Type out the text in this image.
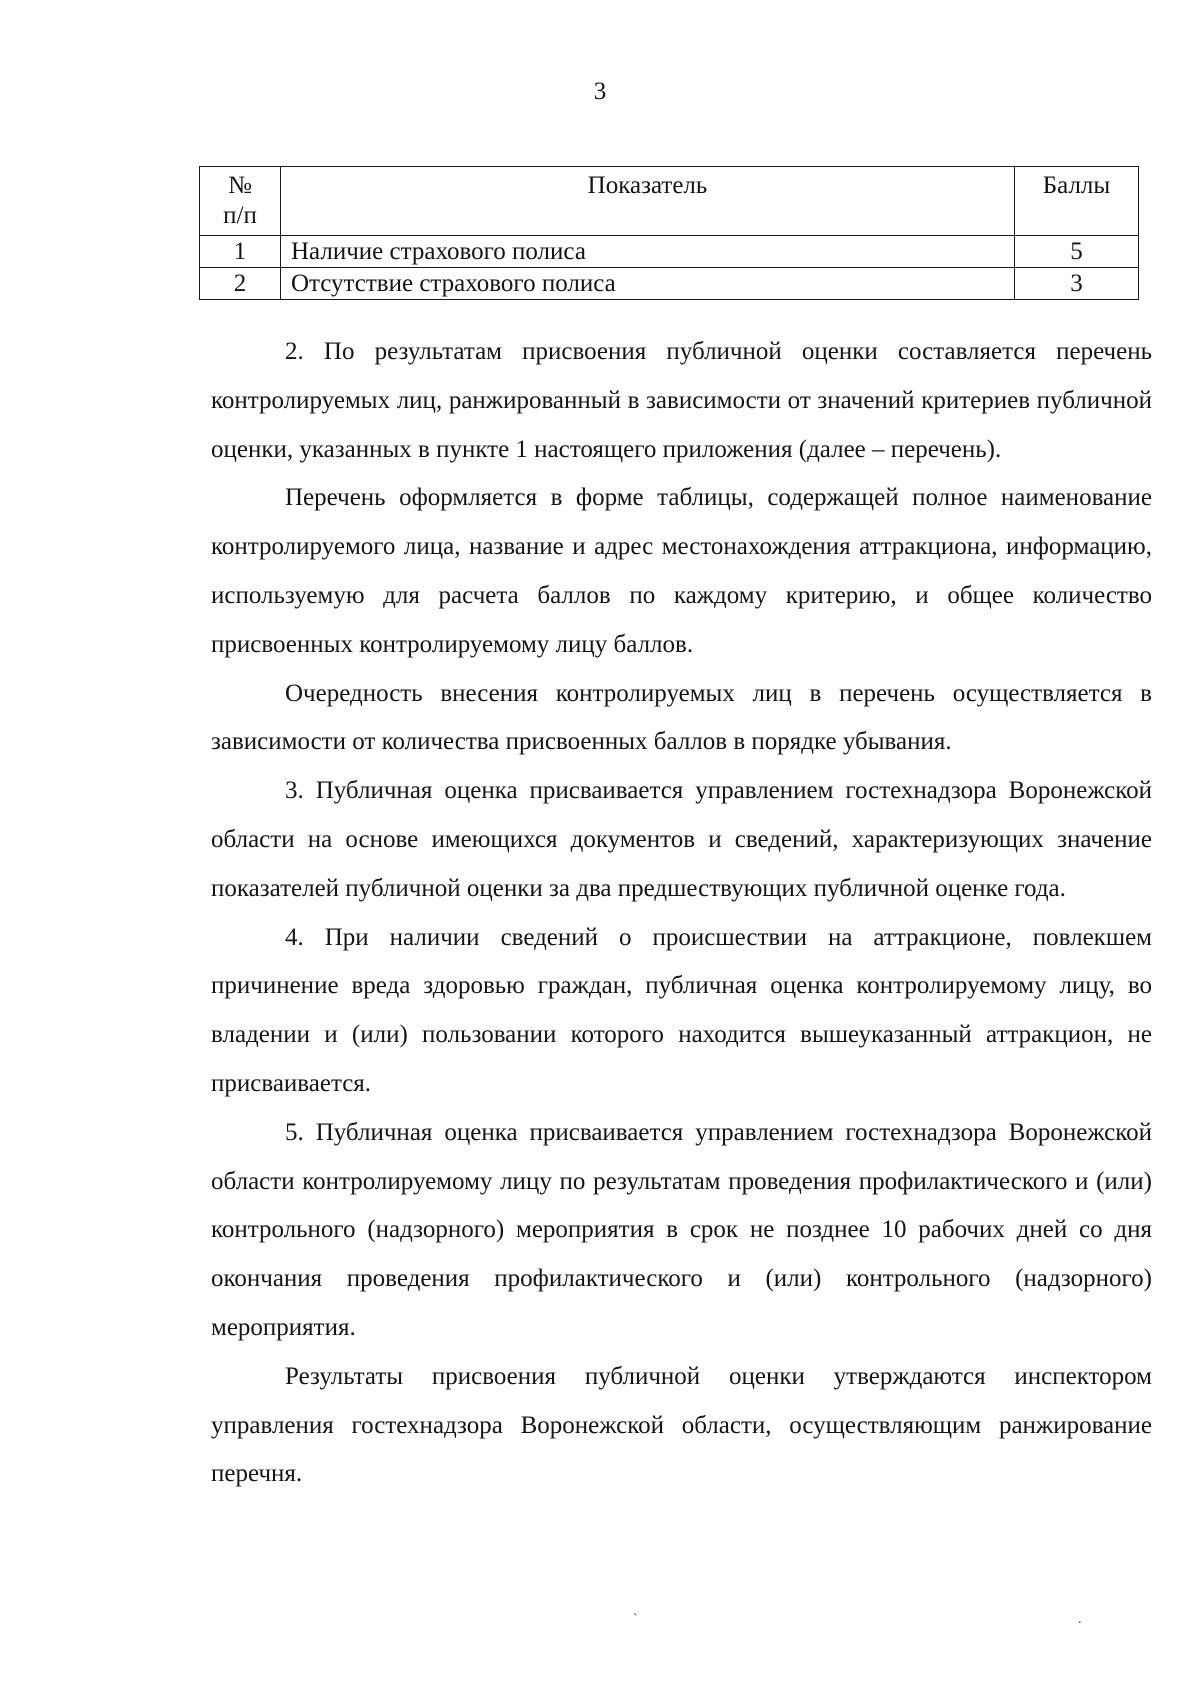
3
№
п/п	Показатель	Баллы
1	Наличие страхового полиса	5
2	Отсутствие страхового полиса	3

2. По результатам присвоения публичной оценки составляется перечень контролируемых лиц, ранжированный в зависимости от значений критериев публичной оценки, указанных в пункте 1 настоящего приложения (далее – перечень).

Перечень оформляется в форме таблицы, содержащей полное наименование контролируемого лица, название и адрес местонахождения аттракциона, информацию, используемую для расчета баллов по каждому критерию, и общее количество присвоенных контролируемому лицу баллов.

Очередность внесения контролируемых лиц в перечень осуществляется в зависимости от количества присвоенных баллов в порядке убывания.

3. Публичная оценка присваивается управлением гостехнадзора Воронежской области на основе имеющихся документов и сведений, характеризующих значение показателей публичной оценки за два предшествующих публичной оценке года.

4. При наличии сведений о происшествии на аттракционе, повлекшем причинение вреда здоровью граждан, публичная оценка контролируемому лицу, во владении и (или) пользовании которого находится вышеуказанный аттракцион, не присваивается.

5. Публичная оценка присваивается управлением гостехнадзора Воронежской области контролируемому лицу по результатам проведения профилактического и (или) контрольного (надзорного) мероприятия в срок не позднее 10 рабочих дней со дня окончания проведения профилактического и (или) контрольного (надзорного) мероприятия.

Результаты присвоения публичной оценки утверждаются инспектором управления гостехнадзора Воронежской области, осуществляющим ранжирование перечня.

`	.
